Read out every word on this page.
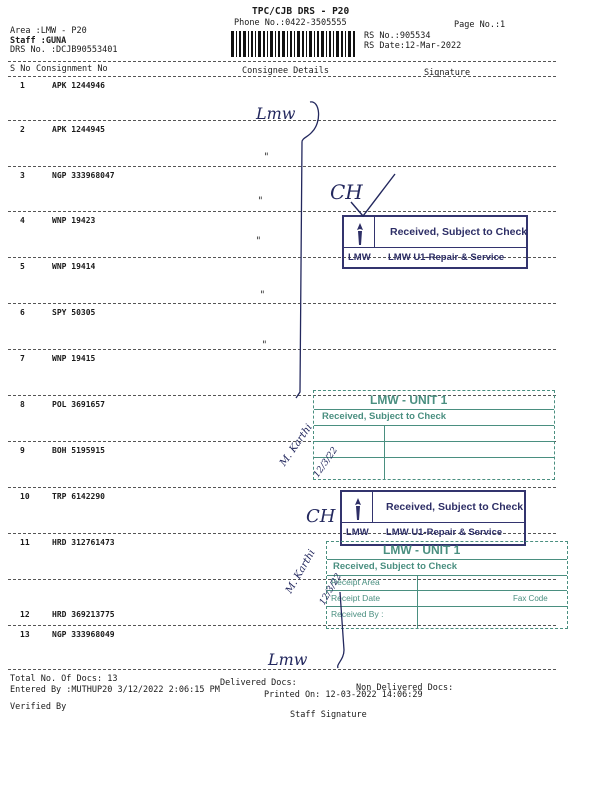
TPC/CJB DRS - P20
Phone No.:0422-3505555	Page No.:1
Area :LMW - P20
Staff :GUNA
DRS No. :DCJB90553401
RS No.:905534
RS Date:12-Mar-2022
S No Consignment No	Consignee Details	Signature
1	APK 1244946
2	APK 1244945
3	NGP 333968047
4	WNP 19423
5	WNP 19414
6	SPY 50305
7	WNP 19415
8	POL 3691657
9	BOH 5195915
10	TRP 6142290
11	HRD 312761473
12	HRD 369213775
13	NGP 333968049
Total No. Of Docs: 13	Delivered Docs:	Non Delivered Docs:
Entered By :MUTHUP20 3/12/2022 2:06:15 PM	Printed On: 12-03-2022 14:06:29
Verified By
Staff Signature
Received, Subject to Check
LMW LMW U1-Repair & Service
LMW - UNIT 1
Received, Subject to Check
Received, Subject to Check
LMW LMW U1-Repair & Service
LMW - UNIT 1
Received, Subject to Check
Receipt Area
Receipt Date	Fax Code
Received By :
Lmw
CH
"
"
"
"
"
M. Karthi
12/3/22
CH
M. Karthi 12/3/22
Lmw
